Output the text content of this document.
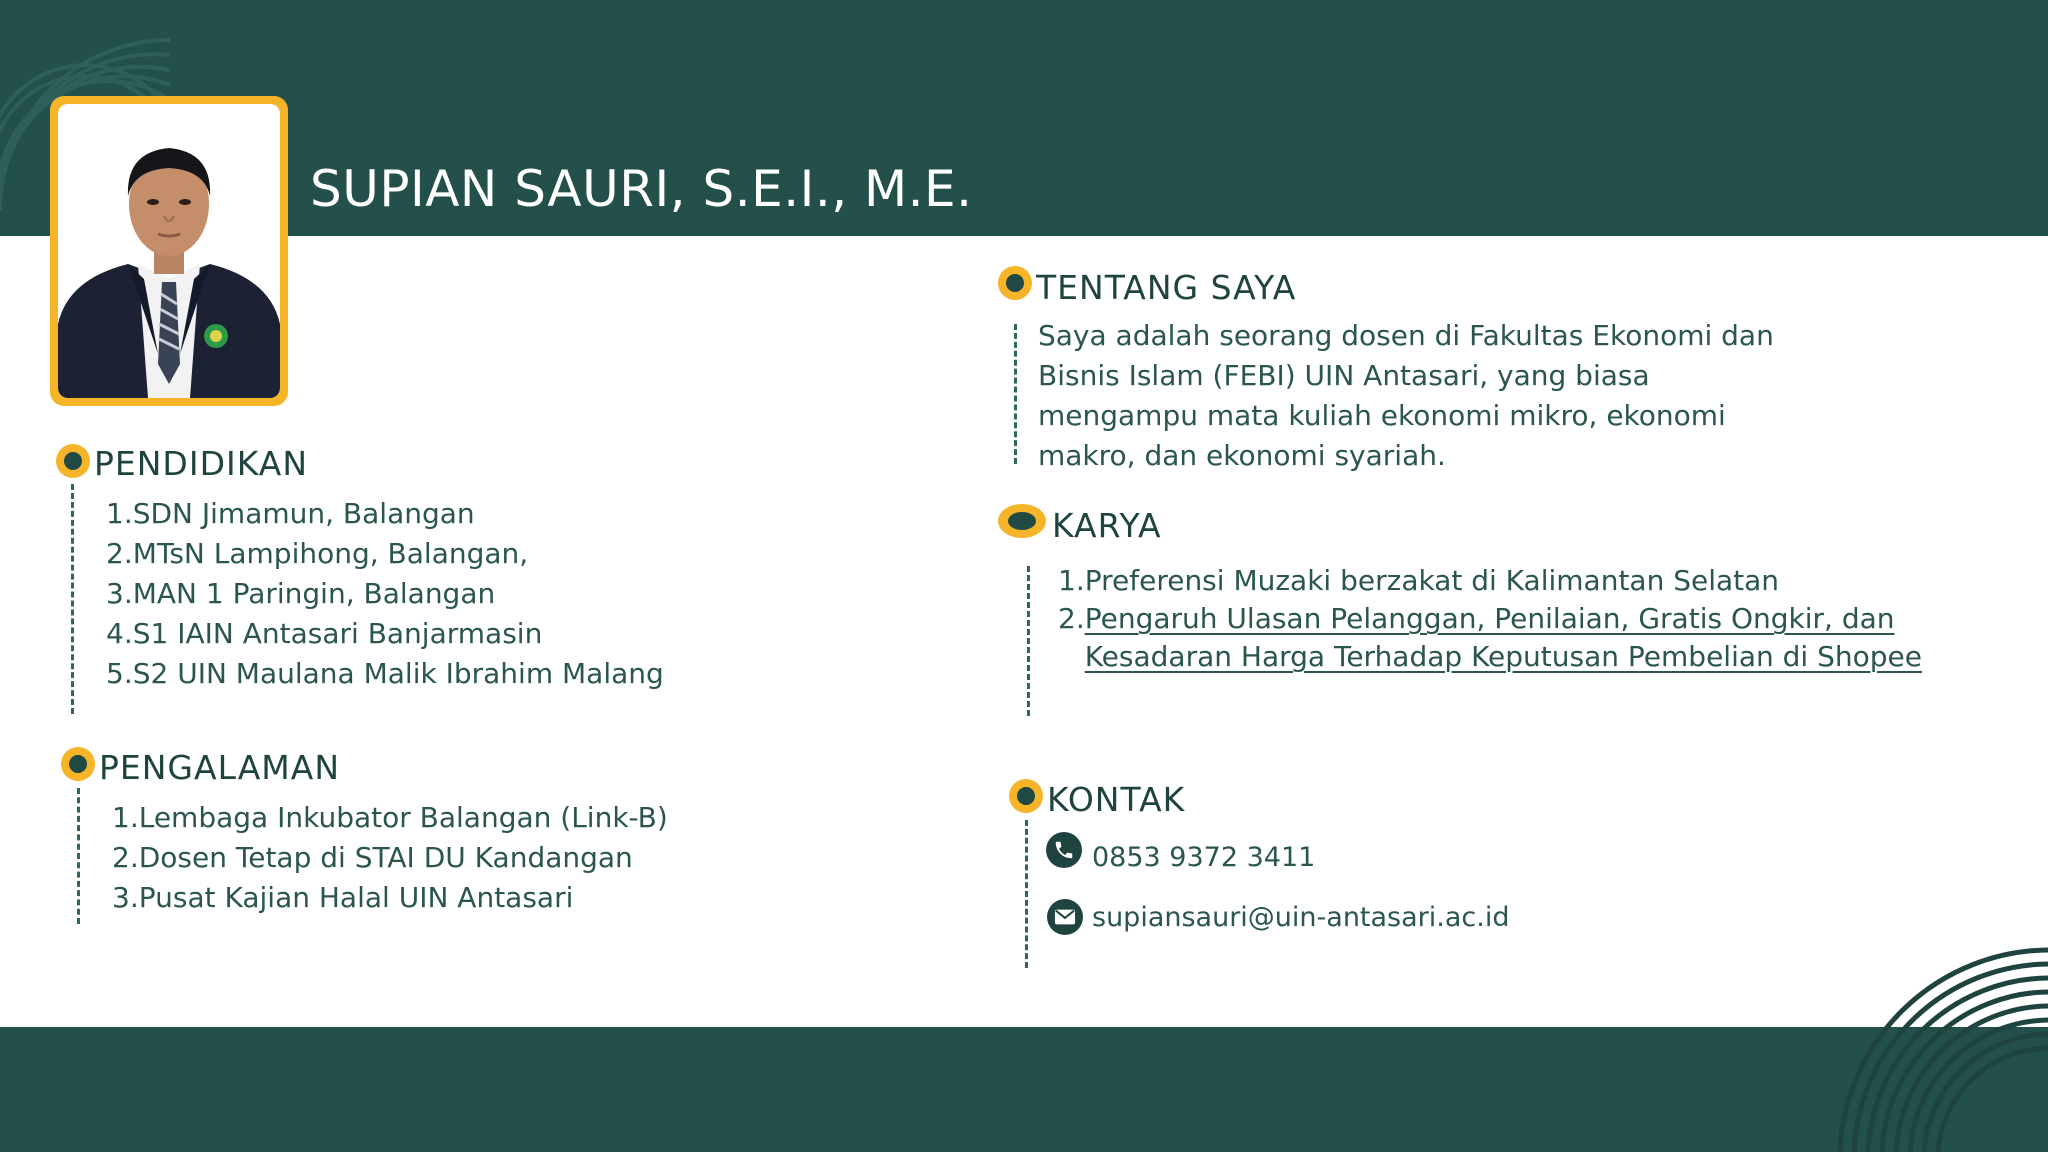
SUPIAN SAURI, S.E.I., M.E.
PENDIDIKAN
1.SDN Jimamun, Balangan
2.MTsN Lampihong, Balangan,
3.MAN 1 Paringin, Balangan
4.S1 IAIN Antasari Banjarmasin
5.S2 UIN Maulana Malik Ibrahim Malang
PENGALAMAN
1.Lembaga Inkubator Balangan (Link-B)
2.Dosen Tetap di STAI DU Kandangan
3.Pusat Kajian Halal UIN Antasari
TENTANG SAYA

Saya adalah seorang dosen di Fakultas Ekonomi dan Bisnis Islam (FEBI) UIN Antasari, yang biasa mengampu mata kuliah ekonomi mikro, ekonomi makro, dan ekonomi syariah.

KARYA
1.Preferensi Muzaki berzakat di Kalimantan Selatan
2. Pengaruh Ulasan Pelanggan, Penilaian, Gratis Ongkir, dan
Kesadaran Harga Terhadap Keputusan Pembelian di Shopee
KONTAK
0853 9372 3411
supiansauri@uin-antasari.ac.id
